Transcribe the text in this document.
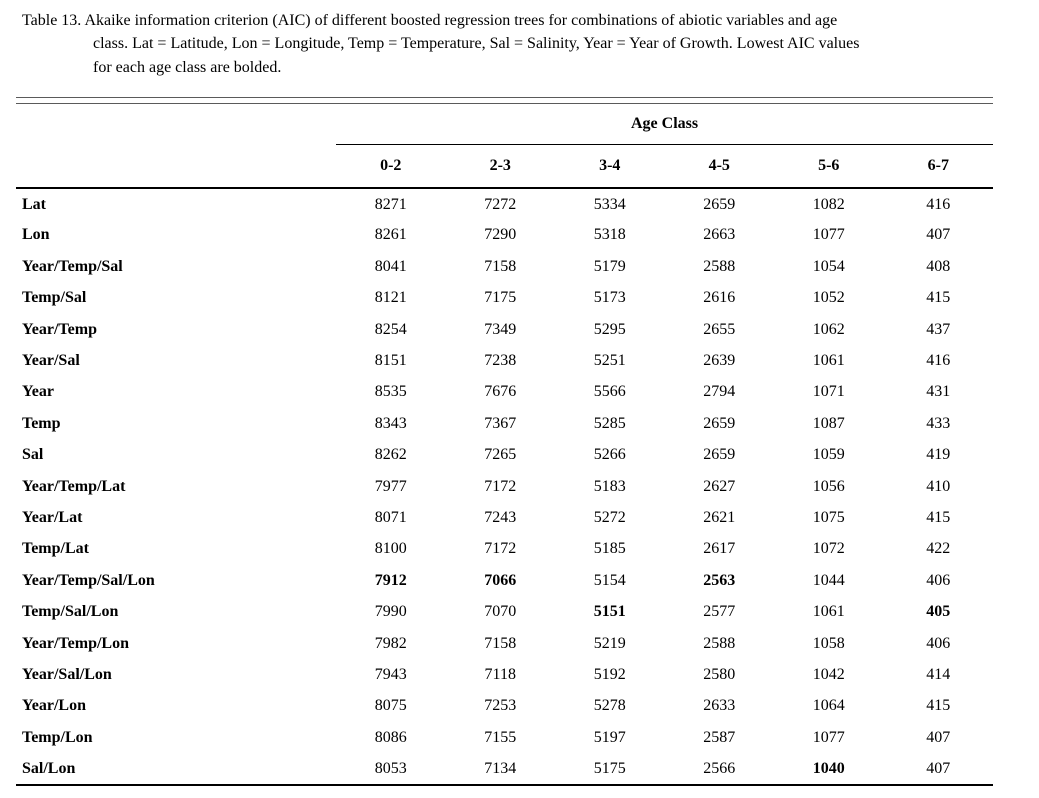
Table 13. Akaike information criterion (AIC) of different boosted regression trees for combinations of abiotic variables and age
class. Lat = Latitude, Lon = Longitude, Temp = Temperature, Sal = Salinity, Year = Year of Growth. Lowest AIC values
for each age class are bolded.
	Age Class					
	0-2	2-3	3-4	4-5	5-6	6-7
Lat	8271	7272	5334	2659	1082	416
Lon	8261	7290	5318	2663	1077	407
Year/Temp/Sal	8041	7158	5179	2588	1054	408
Temp/Sal	8121	7175	5173	2616	1052	415
Year/Temp	8254	7349	5295	2655	1062	437
Year/Sal	8151	7238	5251	2639	1061	416
Year	8535	7676	5566	2794	1071	431
Temp	8343	7367	5285	2659	1087	433
Sal	8262	7265	5266	2659	1059	419
Year/Temp/Lat	7977	7172	5183	2627	1056	410
Year/Lat	8071	7243	5272	2621	1075	415
Temp/Lat	8100	7172	5185	2617	1072	422
Year/Temp/Sal/Lon	7912	7066	5154	2563	1044	406
Temp/Sal/Lon	7990	7070	5151	2577	1061	405
Year/Temp/Lon	7982	7158	5219	2588	1058	406
Year/Sal/Lon	7943	7118	5192	2580	1042	414
Year/Lon	8075	7253	5278	2633	1064	415
Temp/Lon	8086	7155	5197	2587	1077	407
Sal/Lon	8053	7134	5175	2566	1040	407
